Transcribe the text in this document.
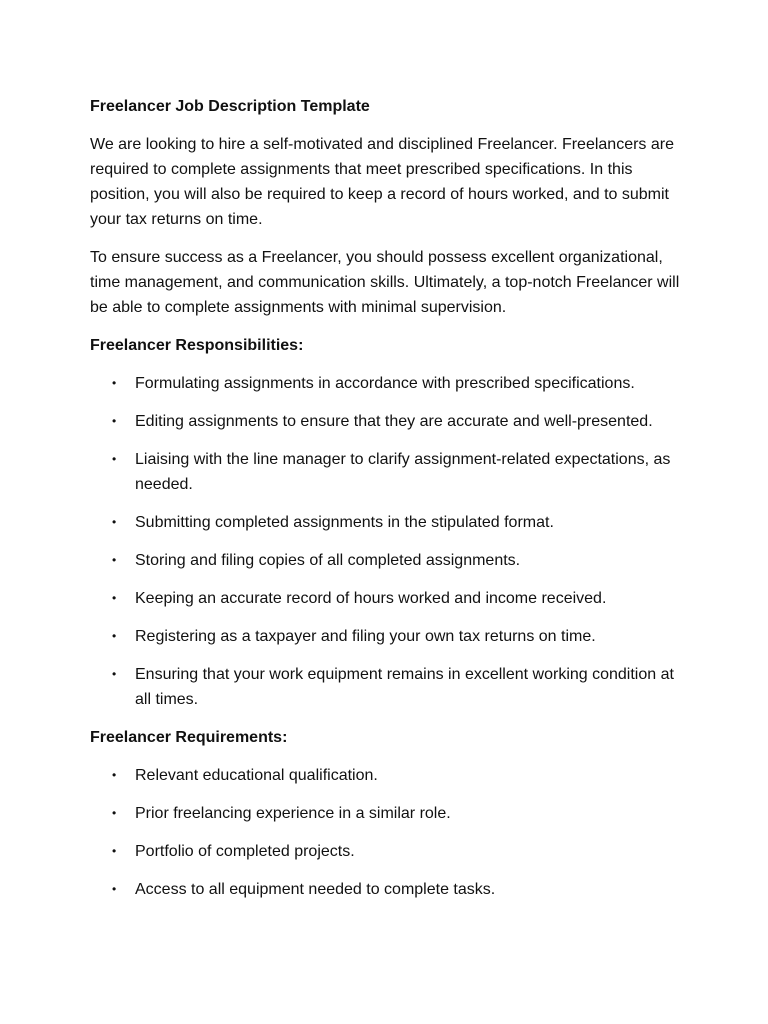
Freelancer Job Description Template

We are looking to hire a self-motivated and disciplined Freelancer. Freelancers are required to complete assignments that meet prescribed specifications. In this position, you will also be required to keep a record of hours worked, and to submit your tax returns on time.

To ensure success as a Freelancer, you should possess excellent organizational, time management, and communication skills. Ultimately, a top-notch Freelancer will be able to complete assignments with minimal supervision.

Freelancer Responsibilities:

• Formulating assignments in accordance with prescribed specifications.
• Editing assignments to ensure that they are accurate and well-presented.
• Liaising with the line manager to clarify assignment-related expectations, as needed.
• Submitting completed assignments in the stipulated format.
• Storing and filing copies of all completed assignments.
• Keeping an accurate record of hours worked and income received.
• Registering as a taxpayer and filing your own tax returns on time.
• Ensuring that your work equipment remains in excellent working condition at all times.

Freelancer Requirements:

• Relevant educational qualification.
• Prior freelancing experience in a similar role.
• Portfolio of completed projects.
• Access to all equipment needed to complete tasks.
